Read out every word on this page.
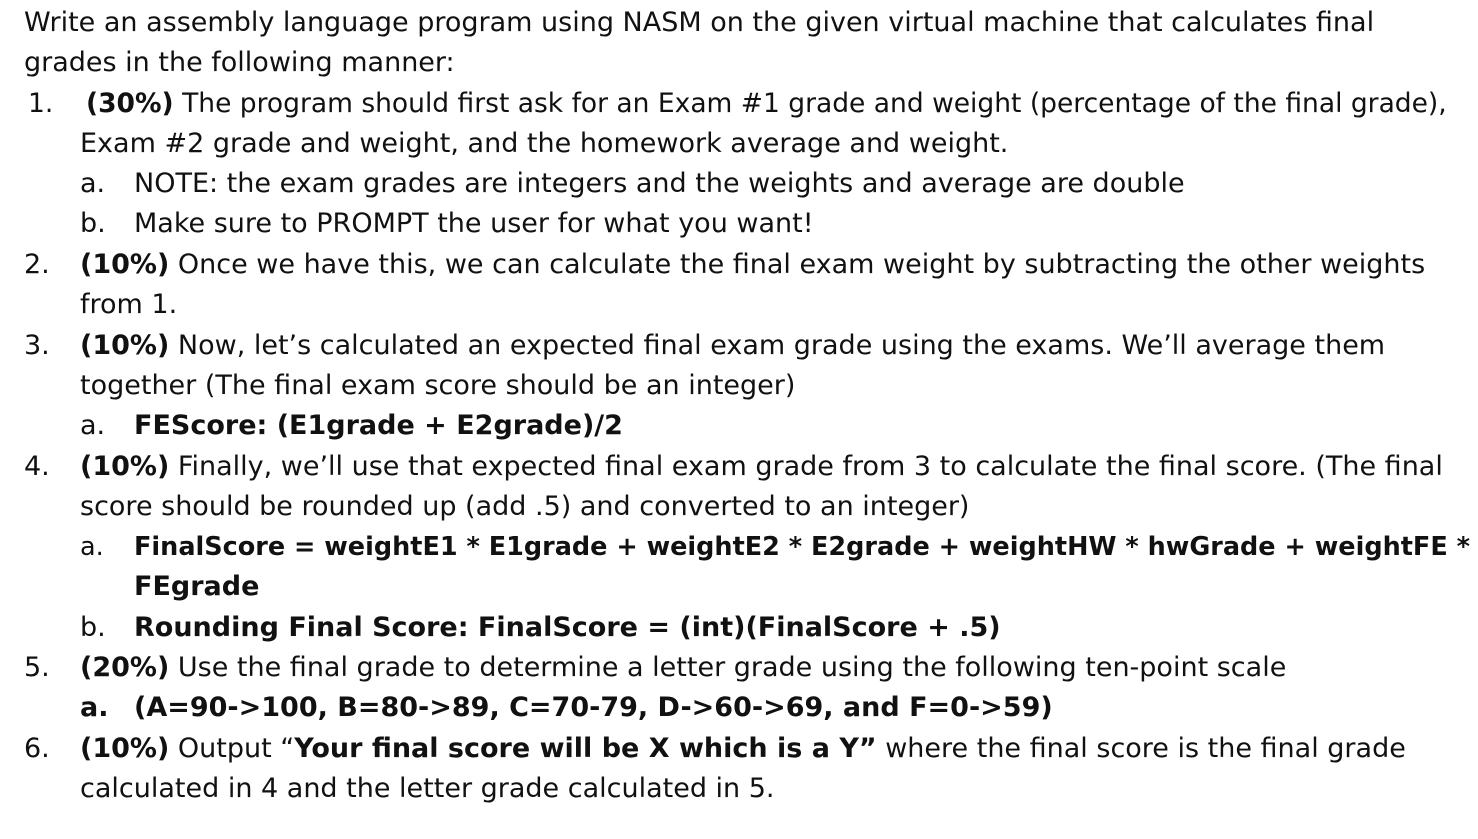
Write an assembly language program using NASM on the given virtual machine that calculates final
grades in the following manner:
1. (30%) The program should first ask for an Exam #1 grade and weight (percentage of the final grade),
Exam #2 grade and weight, and the homework average and weight.
a. NOTE: the exam grades are integers and the weights and average are double
b. Make sure to PROMPT the user for what you want!
2. (10%) Once we have this, we can calculate the final exam weight by subtracting the other weights
from 1.
3. (10%) Now, let’s calculated an expected final exam grade using the exams. We’ll average them
together (The final exam score should be an integer)
a. FEScore: (E1grade + E2grade)/2
4. (10%) Finally, we’ll use that expected final exam grade from 3 to calculate the final score. (The final
score should be rounded up (add .5) and converted to an integer)
a. FinalScore = weightE1 * E1grade + weightE2 * E2grade + weightHW * hwGrade + weightFE *
FEgrade
b. Rounding Final Score: FinalScore = (int)(FinalScore + .5)
5. (20%) Use the final grade to determine a letter grade using the following ten-point scale
a. (A=90->100, B=80->89, C=70-79, D->60->69, and F=0->59)
6. (10%) Output “Your final score will be X which is a Y” where the final score is the final grade
calculated in 4 and the letter grade calculated in 5.
